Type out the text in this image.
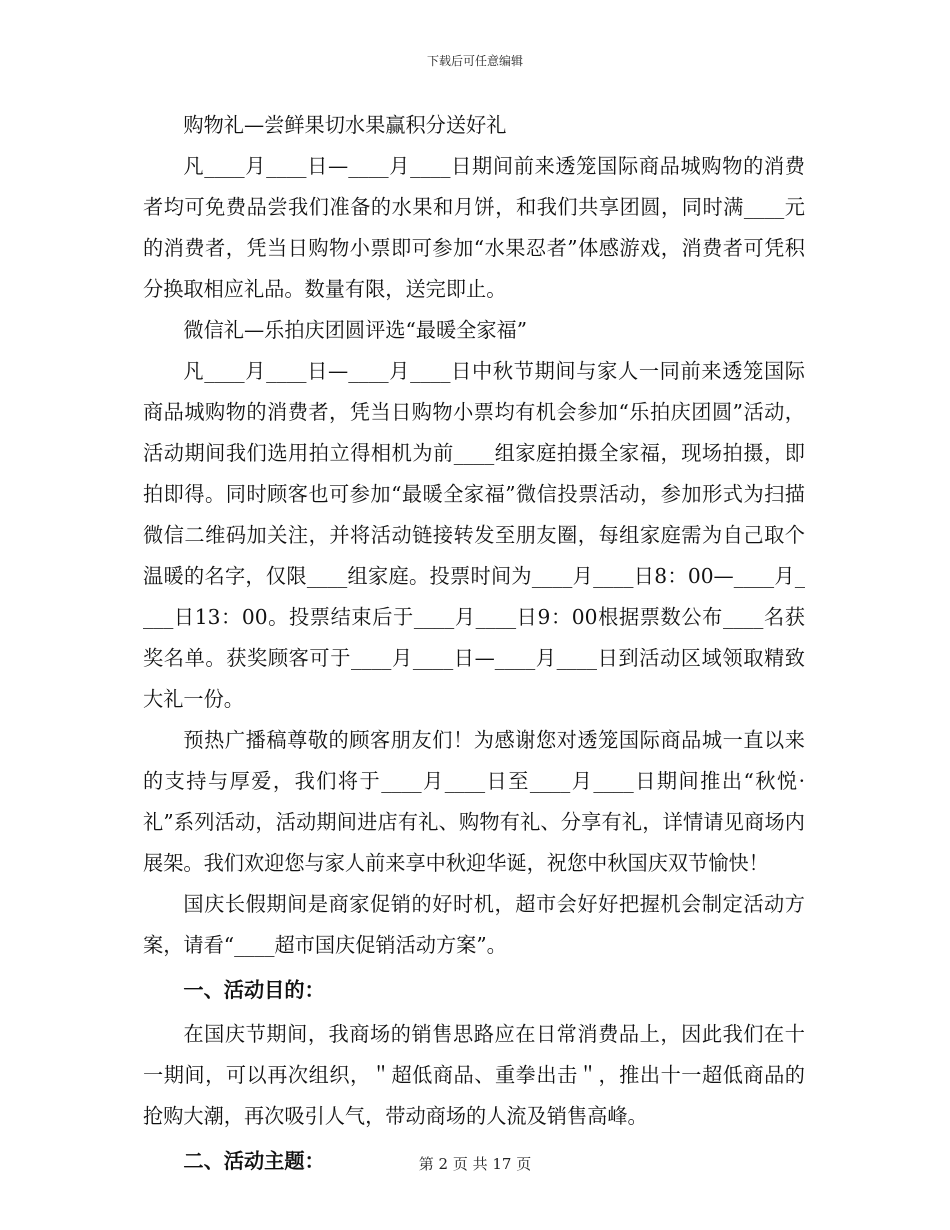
下载后可任意编辑

购物礼—尝鲜果切水果赢积分送好礼

凡____月____日—____月____日期间前来透笼国际商品城购物的消费者均可免费品尝我们准备的水果和月饼，和我们共享团圆，同时满____元的消费者，凭当日购物小票即可参加“水果忍者”体感游戏，消费者可凭积分换取相应礼品。数量有限，送完即止。

微信礼—乐拍庆团圆评选“最暖全家福”

凡____月____日—____月____日中秋节期间与家人一同前来透笼国际商品城购物的消费者，凭当日购物小票均有机会参加“乐拍庆团圆”活动，活动期间我们选用拍立得相机为前____组家庭拍摄全家福，现场拍摄，即拍即得。同时顾客也可参加“最暖全家福”微信投票活动，参加形式为扫描微信二维码加关注，并将活动链接转发至朋友圈，每组家庭需为自己取个温暖的名字，仅限____组家庭。投票时间为____月____日8：00—____月____日13：00。投票结束后于____月____日9：00根据票数公布____名获奖名单。获奖顾客可于____月____日—____月____日到活动区域领取精致大礼一份。

预热广播稿尊敬的顾客朋友们！为感谢您对透笼国际商品城一直以来的支持与厚爱，我们将于____月____日至____月____日期间推出“秋悦·礼”系列活动，活动期间进店有礼、购物有礼、分享有礼，详情请见商场内展架。我们欢迎您与家人前来享中秋迎华诞，祝您中秋国庆双节愉快！

国庆长假期间是商家促销的好时机，超市会好好把握机会制定活动方案，请看“____超市国庆促销活动方案”。

一、活动目的：

在国庆节期间，我商场的销售思路应在日常消费品上，因此我们在十一期间，可以再次组织，＂超低商品、重拳出击＂，推出十一超低商品的抢购大潮，再次吸引人气，带动商场的人流及销售高峰。

二、活动主题：	第 2 页 共 17 页
